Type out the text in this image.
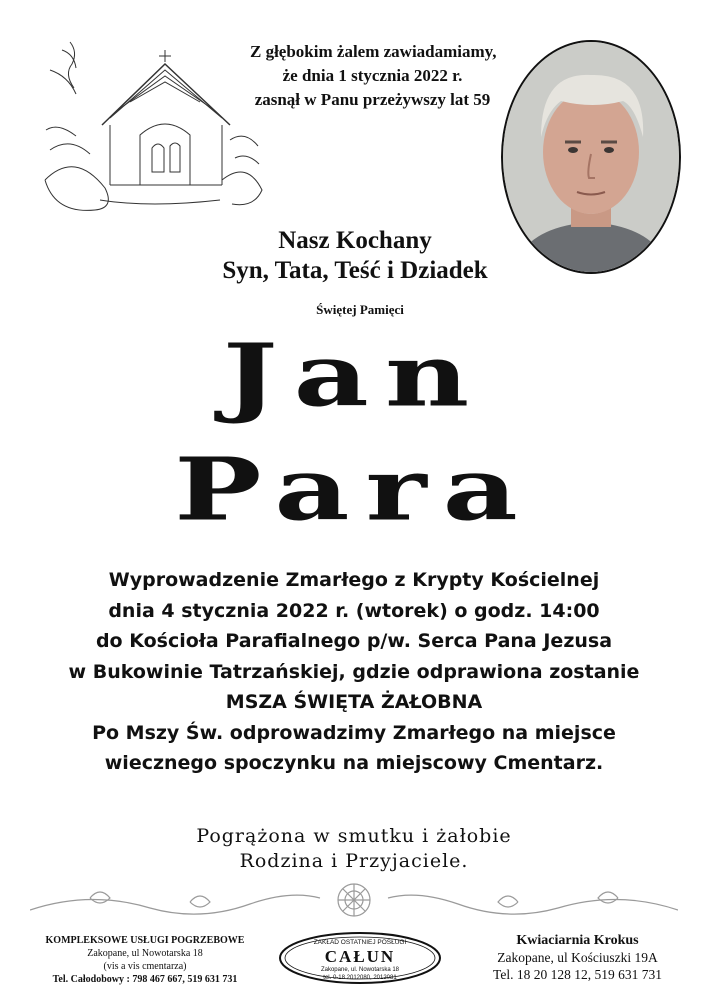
Z głębokim żalem zawiadamiamy,
że dnia 1 stycznia 2022 r.
zasnął w Panu przeżywszy lat 59
Nasz Kochany
Syn, Tata, Teść i Dziadek
Świętej Pamięci
Jan
Para
Wyprowadzenie Zmarłego z Krypty Kościelnej
dnia 4 stycznia 2022 r. (wtorek) o godz. 14:00
do Kościoła Parafialnego p/w. Serca Pana Jezusa
w Bukowinie Tatrzańskiej, gdzie odprawiona zostanie
MSZA ŚWIĘTA ŻAŁOBNA
Po Mszy Św. odprowadzimy Zmarłego na miejsce
wiecznego spoczynku na miejscowy Cmentarz.
Pogrążona w smutku i żałobie
Rodzina i Przyjaciele.
KOMPLEKSOWE USŁUGI POGRZEBOWE
Zakopane, ul Nowotarska 18
(vis a vis cmentarza)
Tel. Całodobowy : 798 467 667, 519 631 731
ZAKŁAD OSTATNIEJ POSŁUGI
CAŁUN
Zakopane, ul. Nowotarska 18
tel. 0-18 2012080, 2012081
Kwiaciarnia Krokus
Zakopane, ul Kościuszki 19A
Tel. 18 20 128 12, 519 631 731
